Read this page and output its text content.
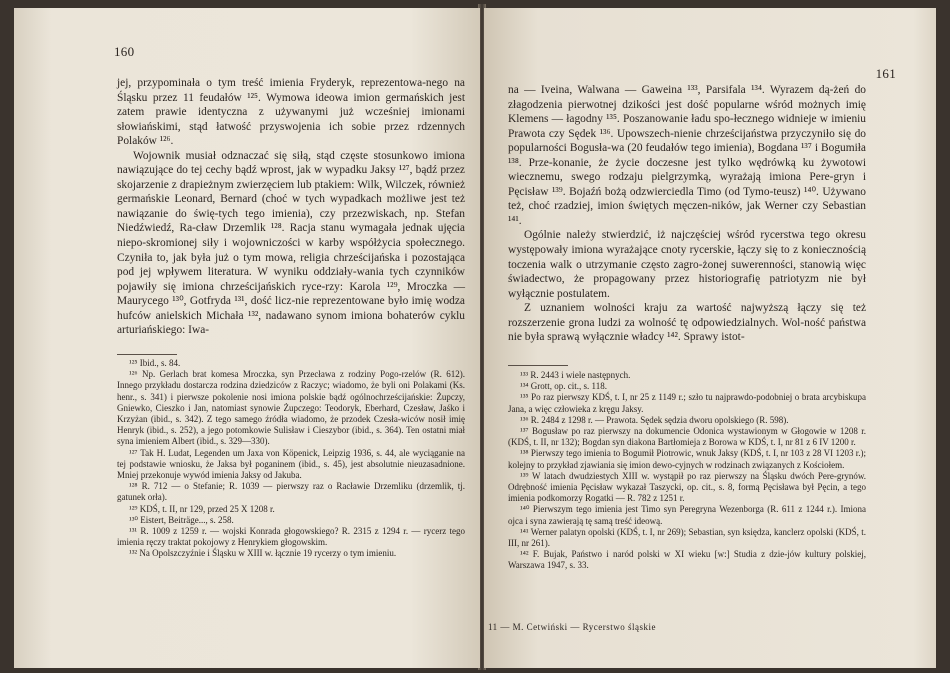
160

jej, przypominała o tym treść imienia Fryderyk, reprezentowa-nego na Śląsku przez 11 feudałów ¹²⁵. Wymowa ideowa imion germańskich jest zatem prawie identyczna z używanymi już wcześniej imionami słowiańskimi, stąd łatwość przyswojenia ich sobie przez rdzennych Polaków ¹²⁶.

Wojownik musiał odznaczać się siłą, stąd częste stosunkowo imiona nawiązujące do tej cechy bądź wprost, jak w wypadku Jaksy ¹²⁷, bądź przez skojarzenie z drapieżnym zwierzęciem lub ptakiem: Wilk, Wilczek, również germańskie Leonard, Bernard (choć w tych wypadkach możliwe jest też nawiązanie do świę-tych tego imienia), czy przezwiskach, np. Stefan Niedźwiedź, Ra-cław Drzemlik ¹²⁸. Racja stanu wymagała jednak ujęcia niepo-skromionej siły i wojowniczości w karby współżycia społecznego. Czyniła to, jak była już o tym mowa, religia chrześcijańska i pozostająca pod jej wpływem literatura. W wyniku oddziały-wania tych czynników pojawiły się imiona chrześcijańskich ryce-rzy: Karola ¹²⁹, Mroczka — Maurycego ¹³⁰, Gotfryda ¹³¹, dość licz-nie reprezentowane było imię wodza hufców anielskich Michała ¹³², nadawano synom imiona bohaterów cyklu arturiańskiego: Iwa-

¹²⁵ Ibid., s. 84.
¹²⁶ Np. Gerlach brat komesa Mroczka, syn Przecława z rodziny Pogo-rzelów (R. 612). Innego przykładu dostarcza rodzina dziedziców z Raczyc; wiadomo, że byli oni Polakami (Ks. henr., s. 341) i pierwsze pokolenie nosi imiona polskie bądź ogólnochrześcijańskie: Żupczy, Gniewko, Cieszko i Jan, natomiast synowie Żupczego: Teodoryk, Eberhard, Czesław, Jaśko i Krzyżan (ibid., s. 342). Z tego samego źródła wiadomo, że przodek Czesła-wiców nosił imię Henryk (ibid., s. 252), a jego potomkowie Sulisław i Cieszybor (ibid., s. 364). Ten ostatni miał syna imieniem Albert (ibid., s. 329—330).
¹²⁷ Tak H. Ludat, Legenden um Jaxa von Köpenick, Leipzig 1936, s. 44, ale wyciąganie na tej podstawie wniosku, że Jaksa był poganinem (ibid., s. 45), jest absolutnie nieuzasadnione. Mniej przekonuje wywód imienia Jaksy od Jakuba.
¹²⁸ R. 712 — o Stefanie; R. 1039 — pierwszy raz o Racławie Drzemliku (drzemlik, tj. gatunek orła).
¹²⁹ KDŚ, t. II, nr 129, przed 25 X 1208 r.
¹³⁰ Eistert, Beiträge..., s. 258.
¹³¹ R. 1009 z 1259 r. — wojski Konrada głogowskiego? R. 2315 z 1294 r. — rycerz tego imienia ręczy traktat pokojowy z Henrykiem głogowskim.
¹³² Na Opolszczyźnie i Śląsku w XIII w. łącznie 19 rycerzy o tym imieniu.
161

na — Iveina, Walwana — Gaweina ¹³³, Parsifala ¹³⁴. Wyrazem dą-żeń do złagodzenia pierwotnej dzikości jest dość popularne wśród możnych imię Klemens — łagodny ¹³⁵. Poszanowanie ładu spo-łecznego widnieje w imieniu Prawota czy Sędek ¹³⁶. Upowszech-nienie chrześcijaństwa przyczyniło się do popularności Bogusła-wa (20 feudałów tego imienia), Bogdana ¹³⁷ i Bogumiła ¹³⁸. Prze-konanie, że życie doczesne jest tylko wędrówką ku żywotowi wiecznemu, swego rodzaju pielgrzymką, wyrażają imiona Pere-gryn i Pęcisław ¹³⁹. Bojaźń bożą odzwierciedla Timo (od Tymo-teusz) ¹⁴⁰. Używano też, choć rzadziej, imion świętych męczen-ników, jak Werner czy Sebastian ¹⁴¹.

Ogólnie należy stwierdzić, iż najczęściej wśród rycerstwa tego okresu występowały imiona wyrażające cnoty rycerskie, łączy się to z koniecznością toczenia walk o utrzymanie często zagro-żonej suwerenności, stanowią więc świadectwo, że propagowany przez historiografię patriotyzm nie był wyłącznie postulatem.

Z uznaniem wolności kraju za wartość najwyższą łączy się też rozszerzenie grona ludzi za wolność tę odpowiedzialnych. Wol-ność państwa nie była sprawą wyłącznie władcy ¹⁴². Sprawy istot-

¹³³ R. 2443 i wiele następnych.
¹³⁴ Grott, op. cit., s. 118.
¹³⁵ Po raz pierwszy KDŚ, t. I, nr 25 z 1149 r.; szło tu najprawdo-podobniej o brata arcybiskupa Jana, a więc człowieka z kręgu Jaksy.
¹³⁶ R. 2484 z 1298 r. — Prawota. Sędek sędzia dworu opolskiego (R. 598).
¹³⁷ Bogusław po raz pierwszy na dokumencie Odonica wystawionym w Głogowie w 1208 r. (KDŚ, t. II, nr 132); Bogdan syn diakona Bartłomieja z Borowa w KDŚ, t. I, nr 81 z 6 IV 1200 r.
¹³⁸ Pierwszy tego imienia to Bogumił Piotrowic, wnuk Jaksy (KDŚ, t. I, nr 103 z 28 VI 1203 r.); kolejny to przykład zjawiania się imion dewo-cyjnych w rodzinach związanych z Kościołem.
¹³⁹ W latach dwudziestych XIII w. wystąpił po raz pierwszy na Śląsku dwóch Pere-grynów. Odrębność imienia Pęcisław wykazał Taszycki, op. cit., s. 8, formą Pęcisława był Pęcin, a tego imienia podkomorzy Rogatki — R. 782 z 1251 r.
¹⁴⁰ Pierwszym tego imienia jest Timo syn Peregryna Wezenborga (R. 611 z 1244 r.). Imiona ojca i syna zawierają tę samą treść ideową.
¹⁴¹ Werner palatyn opolski (KDŚ, t. I, nr 269); Sebastian, syn księdza, kanclerz opolski (KDŚ, t. III, nr 261).
¹⁴² F. Bujak, Państwo i naród polski w XI wieku [w:] Studia z dzie-jów kultury polskiej, Warszawa 1947, s. 33.
11 — M. Cetwiński — Rycerstwo śląskie
